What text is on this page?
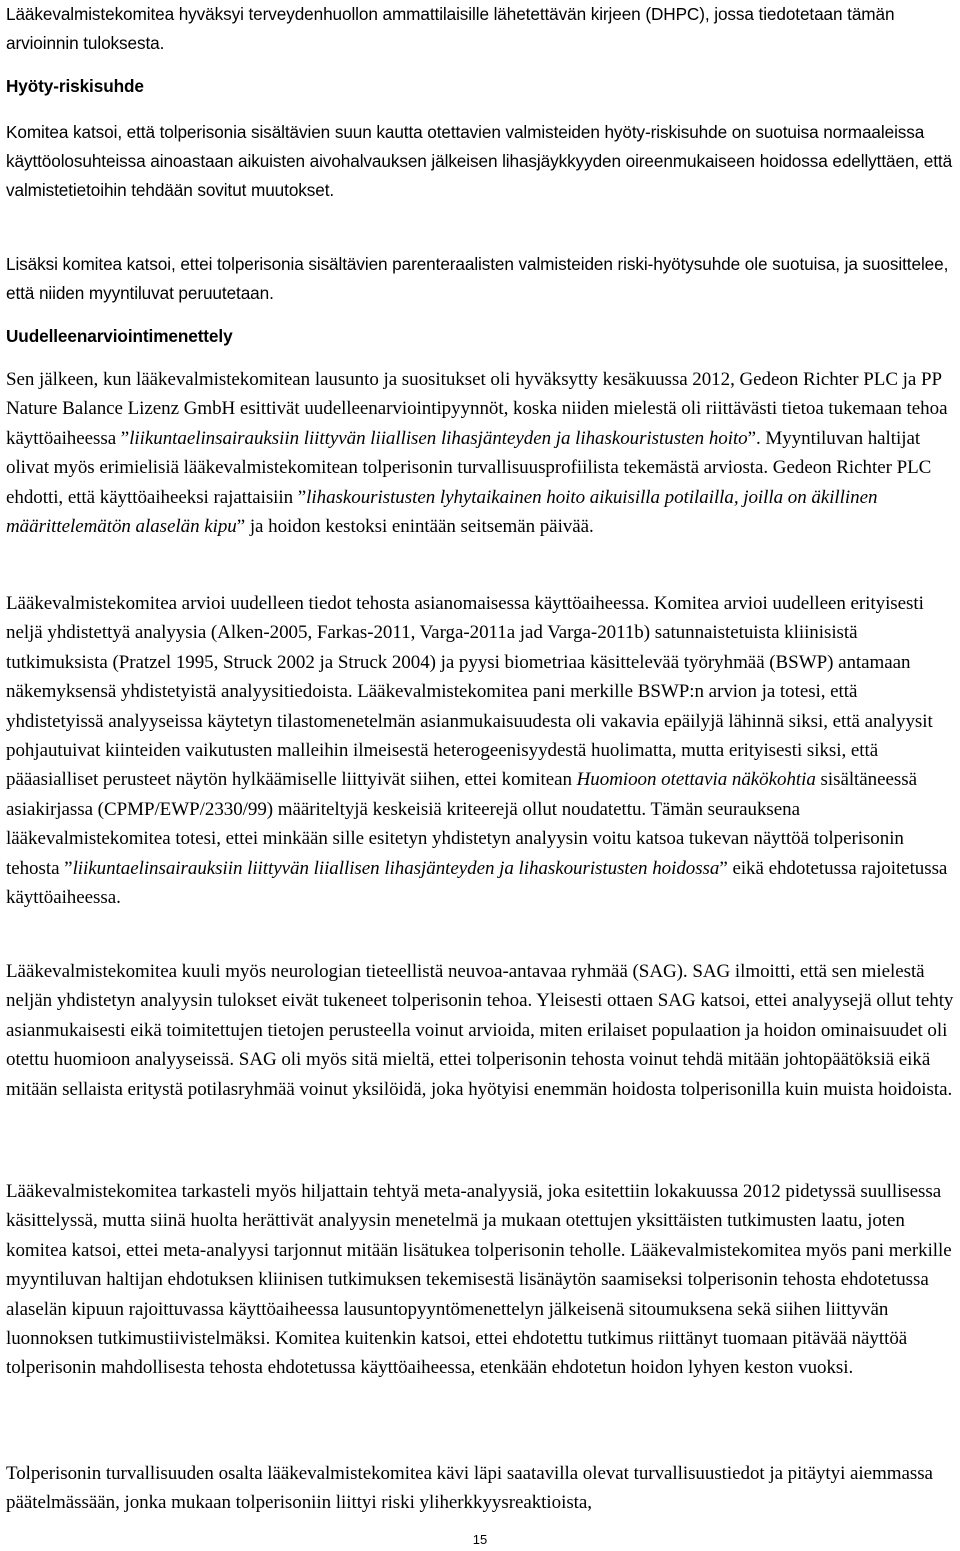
Lääkevalmistekomitea hyväksyi terveydenhuollon ammattilaisille lähetettävän kirjeen (DHPC), jossa tiedotetaan tämän arvioinnin tuloksesta.

Hyöty-riskisuhde

Komitea katsoi, että tolperisonia sisältävien suun kautta otettavien valmisteiden hyöty-riskisuhde on suotuisa normaaleissa käyttöolosuhteissa ainoastaan aikuisten aivohalvauksen jälkeisen lihasjäykkyyden oireenmukaiseen hoidossa edellyttäen, että valmistetietoihin tehdään sovitut muutokset.

Lisäksi komitea katsoi, ettei tolperisonia sisältävien parenteraalisten valmisteiden riski-hyötysuhde ole suotuisa, ja suosittelee, että niiden myyntiluvat peruutetaan.

Uudelleenarviointimenettely

Sen jälkeen, kun lääkevalmistekomitean lausunto ja suositukset oli hyväksytty kesäkuussa 2012, Gedeon Richter PLC ja PP Nature Balance Lizenz GmbH esittivät uudelleenarviointipyynnöt, koska niiden mielestä oli riittävästi tietoa tukemaan tehoa käyttöaiheessa ”liikuntaelinsairauksiin liittyvän liiallisen lihasjänteyden ja lihaskouristusten hoito”. Myyntiluvan haltijat olivat myös erimielisiä lääkevalmistekomitean tolperisonin turvallisuusprofiilista tekemästä arviosta. Gedeon Richter PLC ehdotti, että käyttöaiheeksi rajattaisiin ”lihaskouristusten lyhytaikainen hoito aikuisilla potilailla, joilla on äkillinen määrittelemätön alaselän kipu” ja hoidon kestoksi enintään seitsemän päivää.

Lääkevalmistekomitea arvioi uudelleen tiedot tehosta asianomaisessa käyttöaiheessa. Komitea arvioi uudelleen erityisesti neljä yhdistettyä analyysia (Alken-2005, Farkas-2011, Varga-2011a jad Varga-2011b) satunnaistetuista kliinisistä tutkimuksista (Pratzel 1995, Struck 2002 ja Struck 2004) ja pyysi biometriaa käsittelevää työryhmää (BSWP) antamaan näkemyksensä yhdistetyistä analyysitiedoista. Lääkevalmistekomitea pani merkille BSWP:n arvion ja totesi, että yhdistetyissä analyyseissa käytetyn tilastomenetelmän asianmukaisuudesta oli vakavia epäilyjä lähinnä siksi, että analyysit pohjautuivat kiinteiden vaikutusten malleihin ilmeisestä heterogeenisyydestä huolimatta, mutta erityisesti siksi, että pääasialliset perusteet näytön hylkäämiselle liittyivät siihen, ettei komitean Huomioon otettavia näkökohtia sisältäneessä asiakirjassa (CPMP/EWP/2330/99) määriteltyjä keskeisiä kriteerejä ollut noudatettu. Tämän seurauksena lääkevalmistekomitea totesi, ettei minkään sille esitetyn yhdistetyn analyysin voitu katsoa tukevan näyttöä tolperisonin tehosta ”liikuntaelinsairauksiin liittyvän liiallisen lihasjänteyden ja lihaskouristusten hoidossa” eikä ehdotetussa rajoitetussa käyttöaiheessa.

Lääkevalmistekomitea kuuli myös neurologian tieteellistä neuvoa-antavaa ryhmää (SAG). SAG ilmoitti, että sen mielestä neljän yhdistetyn analyysin tulokset eivät tukeneet tolperisonin tehoa. Yleisesti ottaen SAG katsoi, ettei analyysejä ollut tehty asianmukaisesti eikä toimitettujen tietojen perusteella voinut arvioida, miten erilaiset populaation ja hoidon ominaisuudet oli otettu huomioon analyyseissä. SAG oli myös sitä mieltä, ettei tolperisonin tehosta voinut tehdä mitään johtopäätöksiä eikä mitään sellaista eritystä potilasryhmää voinut yksilöidä, joka hyötyisi enemmän hoidosta tolperisonilla kuin muista hoidoista.

Lääkevalmistekomitea tarkasteli myös hiljattain tehtyä meta-analyysiä, joka esitettiin lokakuussa 2012 pidetyssä suullisessa käsittelyssä, mutta siinä huolta herättivät analyysin menetelmä ja mukaan otettujen yksittäisten tutkimusten laatu, joten komitea katsoi, ettei meta-analyysi tarjonnut mitään lisätukea tolperisonin teholle. Lääkevalmistekomitea myös pani merkille myyntiluvan haltijan ehdotuksen kliinisen tutkimuksen tekemisestä lisänäytön saamiseksi tolperisonin tehosta ehdotetussa alaselän kipuun rajoittuvassa käyttöaiheessa lausuntopyyntömenettelyn jälkeisenä sitoumuksena sekä siihen liittyvän luonnoksen tutkimustiivistelmäksi. Komitea kuitenkin katsoi, ettei ehdotettu tutkimus riittänyt tuomaan pitävää näyttöä tolperisonin mahdollisesta tehosta ehdotetussa käyttöaiheessa, etenkään ehdotetun hoidon lyhyen keston vuoksi.

Tolperisonin turvallisuuden osalta lääkevalmistekomitea kävi läpi saatavilla olevat turvallisuustiedot ja pitäytyi aiemmassa päätelmässään, jonka mukaan tolperisoniin liittyi riski yliherkkyysreaktioista,

15
